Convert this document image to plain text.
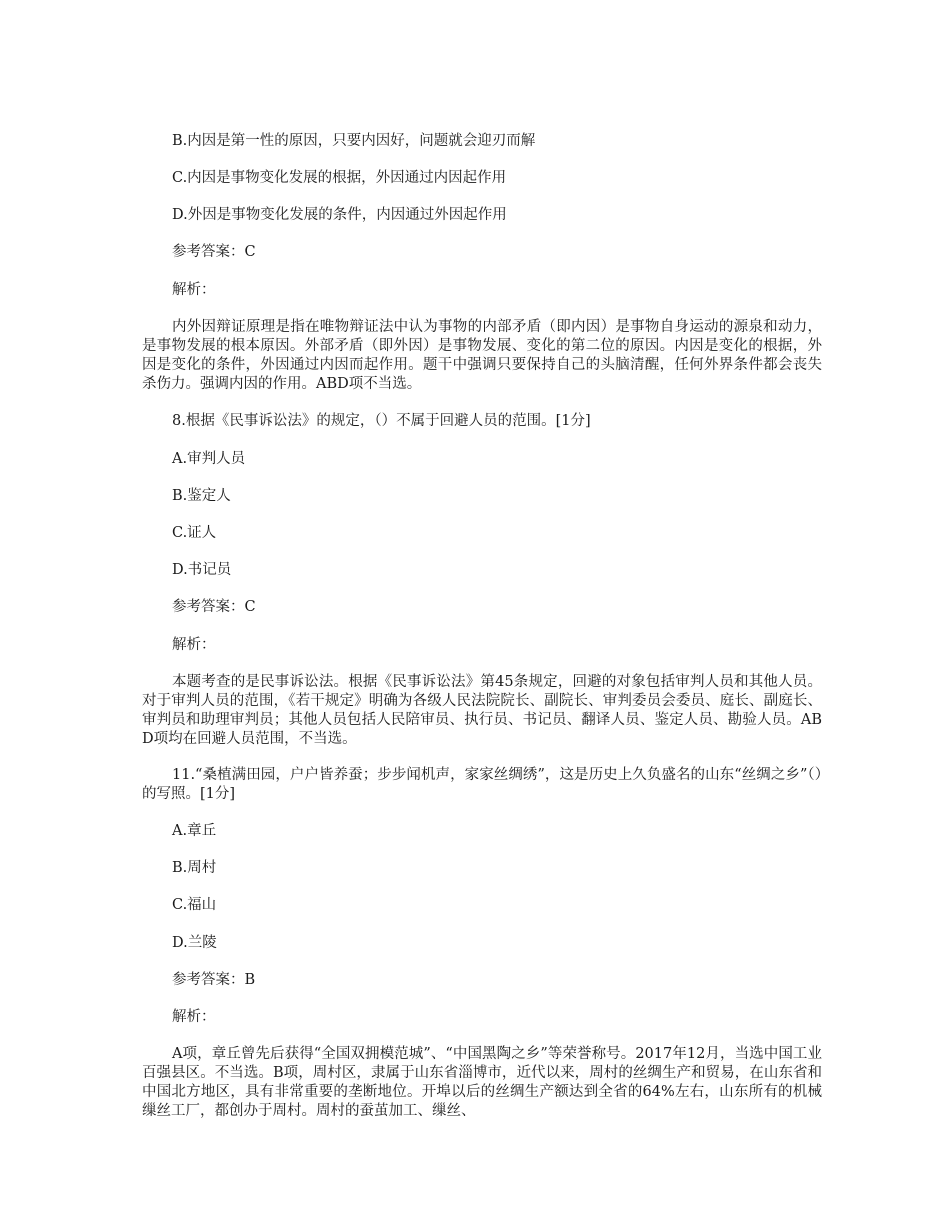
B.内因是第一性的原因，只要内因好，问题就会迎刃而解
C.内因是事物变化发展的根据，外因通过内因起作用
D.外因是事物变化发展的条件，内因通过外因起作用
参考答案：C
解析：
内外因辩证原理是指在唯物辩证法中认为事物的内部矛盾（即内因）是事物自身运动的源泉和动力，是事物发展的根本原因。外部矛盾（即外因）是事物发展、变化的第二位的原因。内因是变化的根据，外因是变化的条件，外因通过内因而起作用。题干中强调只要保持自己的头脑清醒，任何外界条件都会丧失杀伤力。强调内因的作用。ABD项不当选。
8.根据《民事诉讼法》的规定，（）不属于回避人员的范围。[1分]
A.审判人员
B.鉴定人
C.证人
D.书记员
参考答案：C
解析：
本题考查的是民事诉讼法。根据《民事诉讼法》第45条规定，回避的对象包括审判人员和其他人员。对于审判人员的范围，《若干规定》明确为各级人民法院院长、副院长、审判委员会委员、庭长、副庭长、审判员和助理审判员；其他人员包括人民陪审员、执行员、书记员、翻译人员、鉴定人员、勘验人员。ABD项均在回避人员范围，不当选。
11.“桑植满田园，户户皆养蚕；步步闻机声，家家丝绸绣”，这是历史上久负盛名的山东“丝绸之乡”（）的写照。[1分]
A.章丘
B.周村
C.福山
D.兰陵
参考答案：B
解析：
A项，章丘曾先后获得“全国双拥模范城”、“中国黑陶之乡”等荣誉称号。2017年12月，当选中国工业百强县区。不当选。B项，周村区，隶属于山东省淄博市，近代以来，周村的丝绸生产和贸易，在山东省和中国北方地区，具有非常重要的垄断地位。开埠以后的丝绸生产额达到全省的64%左右，山东所有的机械缫丝工厂，都创办于周村。周村的蚕茧加工、缫丝、
